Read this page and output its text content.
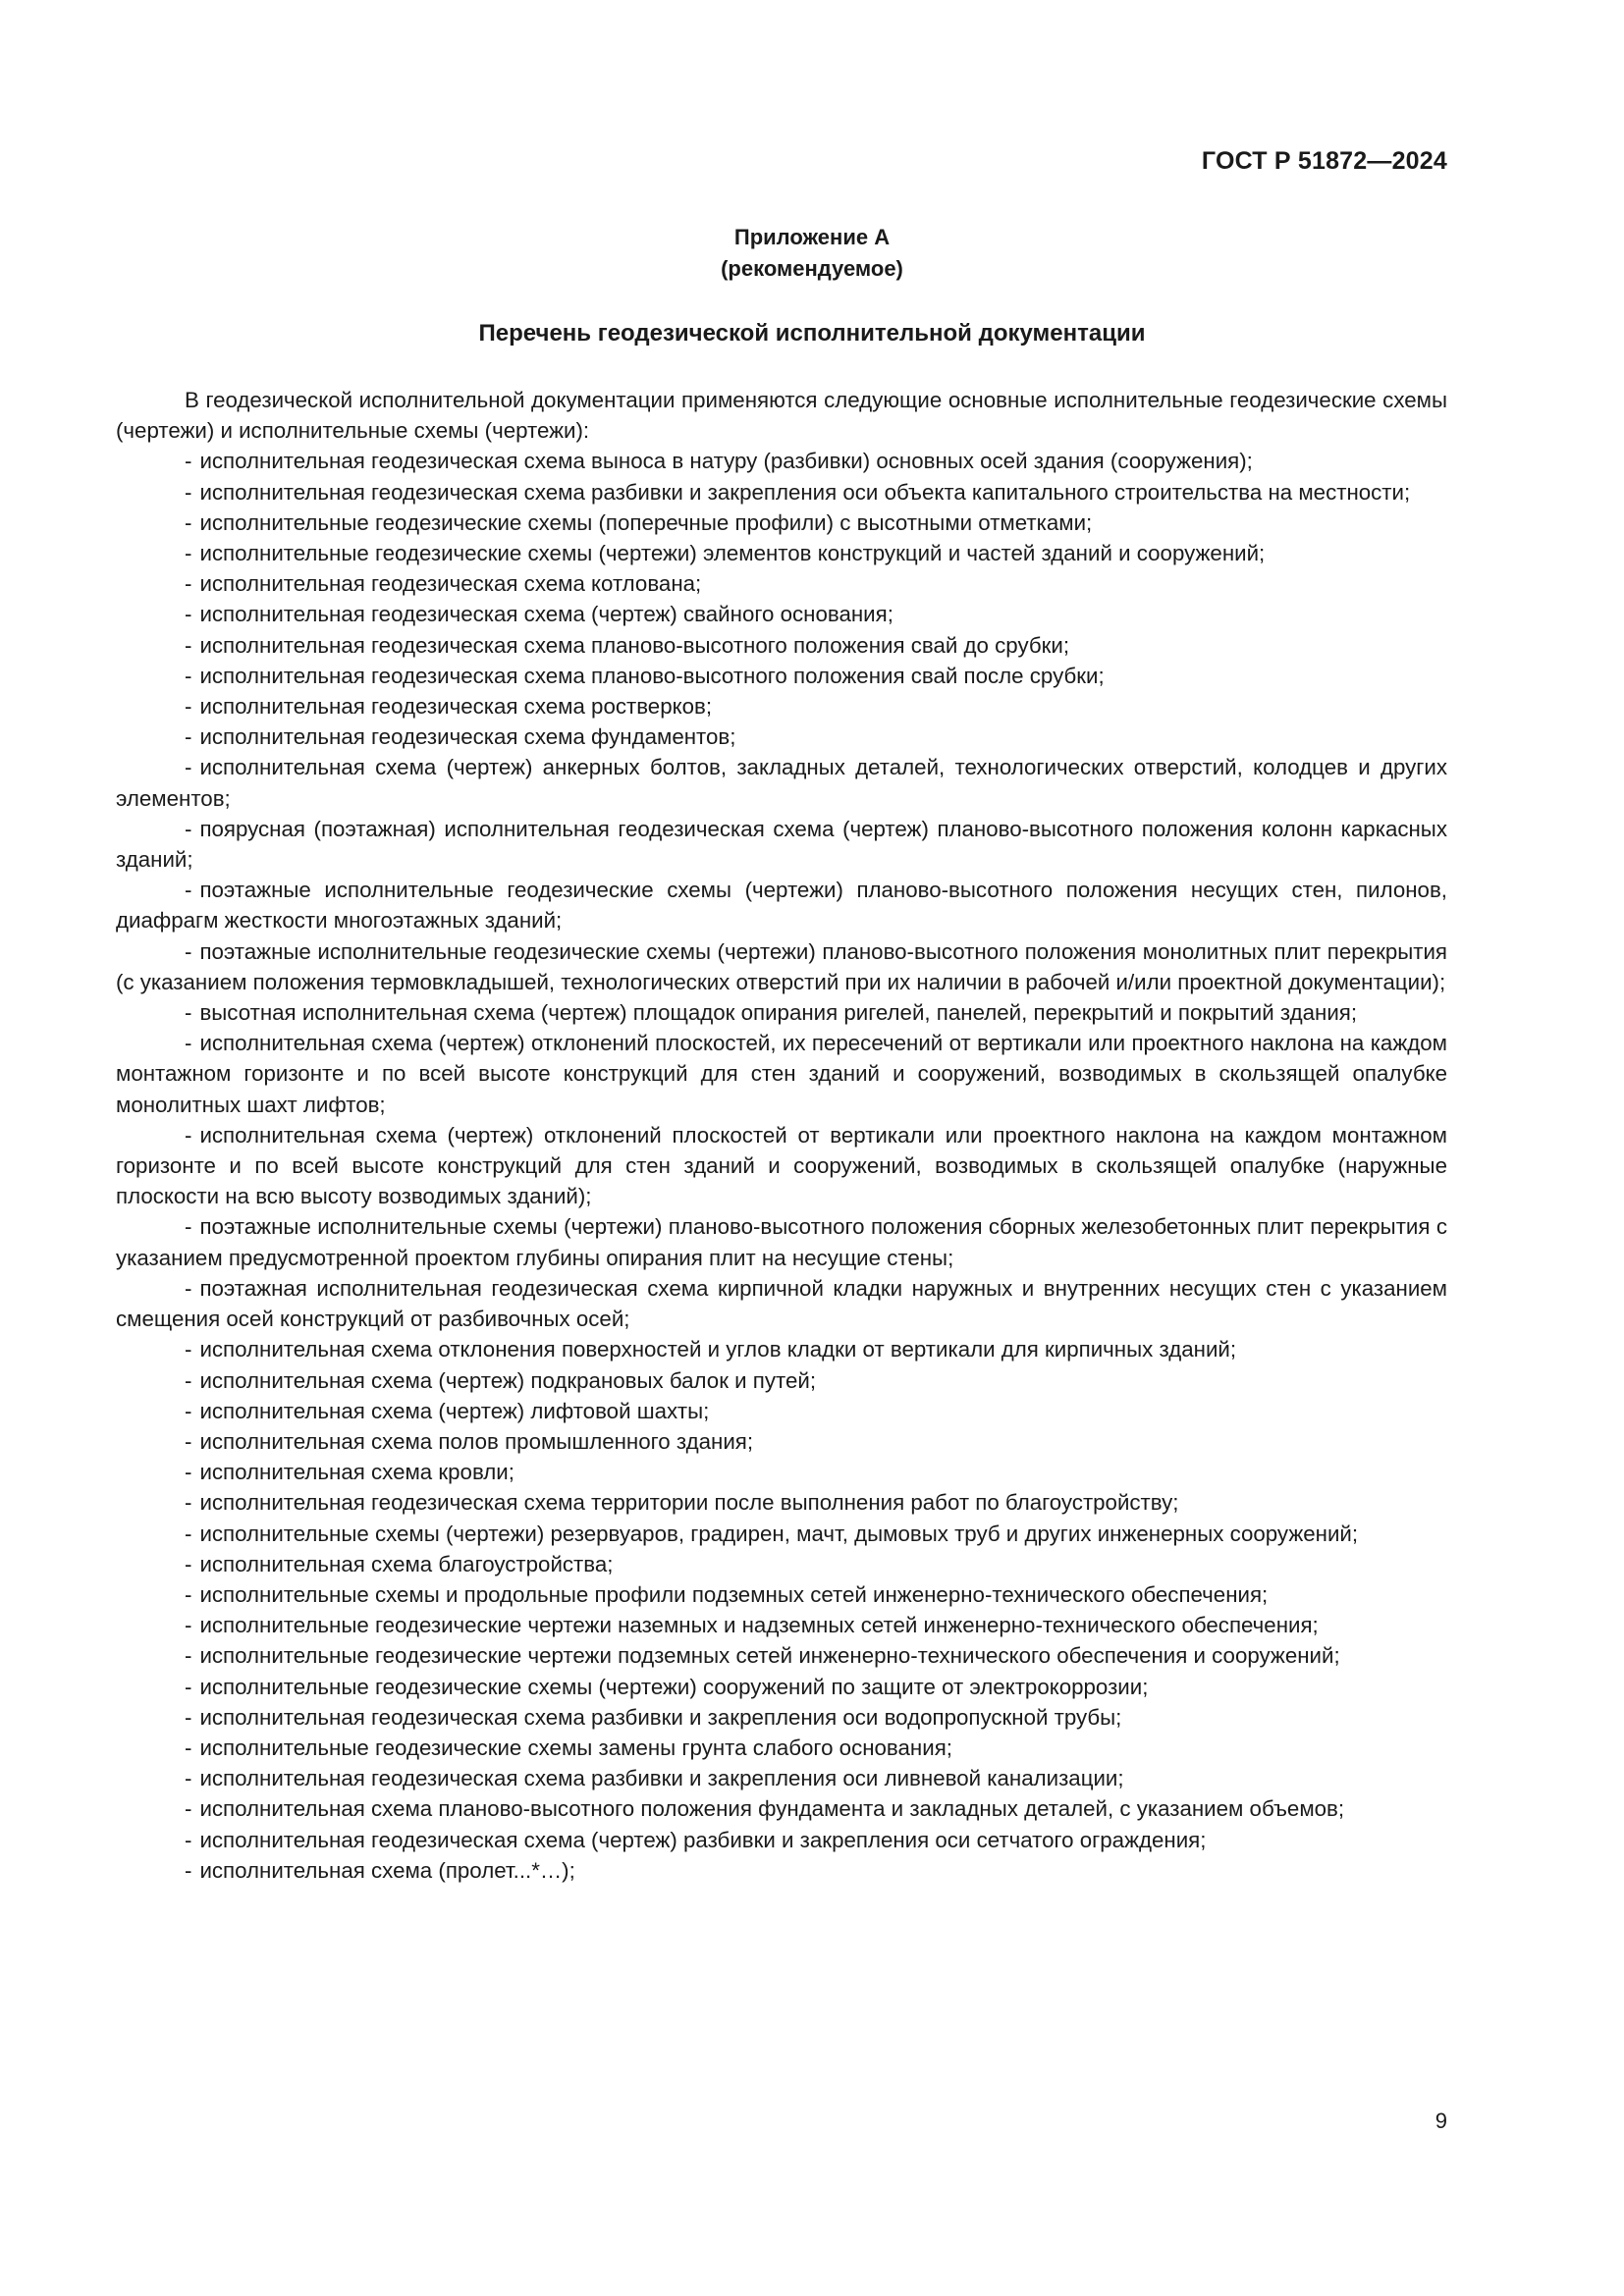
ГОСТ Р 51872—2024
Приложение А
(рекомендуемое)
Перечень геодезической исполнительной документации

В геодезической исполнительной документации применяются следующие основные исполнительные геодезические схемы (чертежи) и исполнительные схемы (чертежи):

- исполнительная геодезическая схема выноса в натуру (разбивки) основных осей здания (сооружения);
- исполнительная геодезическая схема разбивки и закрепления оси объекта капитального строительства на местности;
- исполнительные геодезические схемы (поперечные профили) с высотными отметками;
- исполнительные геодезические схемы (чертежи) элементов конструкций и частей зданий и сооружений;
- исполнительная геодезическая схема котлована;
- исполнительная геодезическая схема (чертеж) свайного основания;
- исполнительная геодезическая схема планово-высотного положения свай до срубки;
- исполнительная геодезическая схема планово-высотного положения свай после срубки;
- исполнительная геодезическая схема ростверков;
- исполнительная геодезическая схема фундаментов;
- исполнительная схема (чертеж) анкерных болтов, закладных деталей, технологических отверстий, колодцев и других элементов;
- поярусная (поэтажная) исполнительная геодезическая схема (чертеж) планово-высотного положения колонн каркасных зданий;
- поэтажные исполнительные геодезические схемы (чертежи) планово-высотного положения несущих стен, пилонов, диафрагм жесткости многоэтажных зданий;
- поэтажные исполнительные геодезические схемы (чертежи) планово-высотного положения монолитных плит перекрытия (с указанием положения термовкладышей, технологических отверстий при их наличии в рабочей и/или проектной документации);
- высотная исполнительная схема (чертеж) площадок опирания ригелей, панелей, перекрытий и покрытий здания;
- исполнительная схема (чертеж) отклонений плоскостей, их пересечений от вертикали или проектного наклона на каждом монтажном горизонте и по всей высоте конструкций для стен зданий и сооружений, возводимых в скользящей опалубке монолитных шахт лифтов;
- исполнительная схема (чертеж) отклонений плоскостей от вертикали или проектного наклона на каждом монтажном горизонте и по всей высоте конструкций для стен зданий и сооружений, возводимых в скользящей опалубке (наружные плоскости на всю высоту возводимых зданий);
- поэтажные исполнительные схемы (чертежи) планово-высотного положения сборных железобетонных плит перекрытия с указанием предусмотренной проектом глубины опирания плит на несущие стены;
- поэтажная исполнительная геодезическая схема кирпичной кладки наружных и внутренних несущих стен с указанием смещения осей конструкций от разбивочных осей;
- исполнительная схема отклонения поверхностей и углов кладки от вертикали для кирпичных зданий;
- исполнительная схема (чертеж) подкрановых балок и путей;
- исполнительная схема (чертеж) лифтовой шахты;
- исполнительная схема полов промышленного здания;
- исполнительная схема кровли;
- исполнительная геодезическая схема территории после выполнения работ по благоустройству;
- исполнительные схемы (чертежи) резервуаров, градирен, мачт, дымовых труб и других инженерных сооружений;
- исполнительная схема благоустройства;
- исполнительные схемы и продольные профили подземных сетей инженерно-технического обеспечения;
- исполнительные геодезические чертежи наземных и надземных сетей инженерно-технического обеспечения;
- исполнительные геодезические чертежи подземных сетей инженерно-технического обеспечения и сооружений;
- исполнительные геодезические схемы (чертежи) сооружений по защите от электрокоррозии;
- исполнительная геодезическая схема разбивки и закрепления оси водопропускной трубы;
- исполнительные геодезические схемы замены грунта слабого основания;
- исполнительная геодезическая схема разбивки и закрепления оси ливневой канализации;
- исполнительная схема планово-высотного положения фундамента и закладных деталей, с указанием объемов;
- исполнительная геодезическая схема (чертеж) разбивки и закрепления оси сетчатого ограждения;
- исполнительная схема (пролет...*…);
9
